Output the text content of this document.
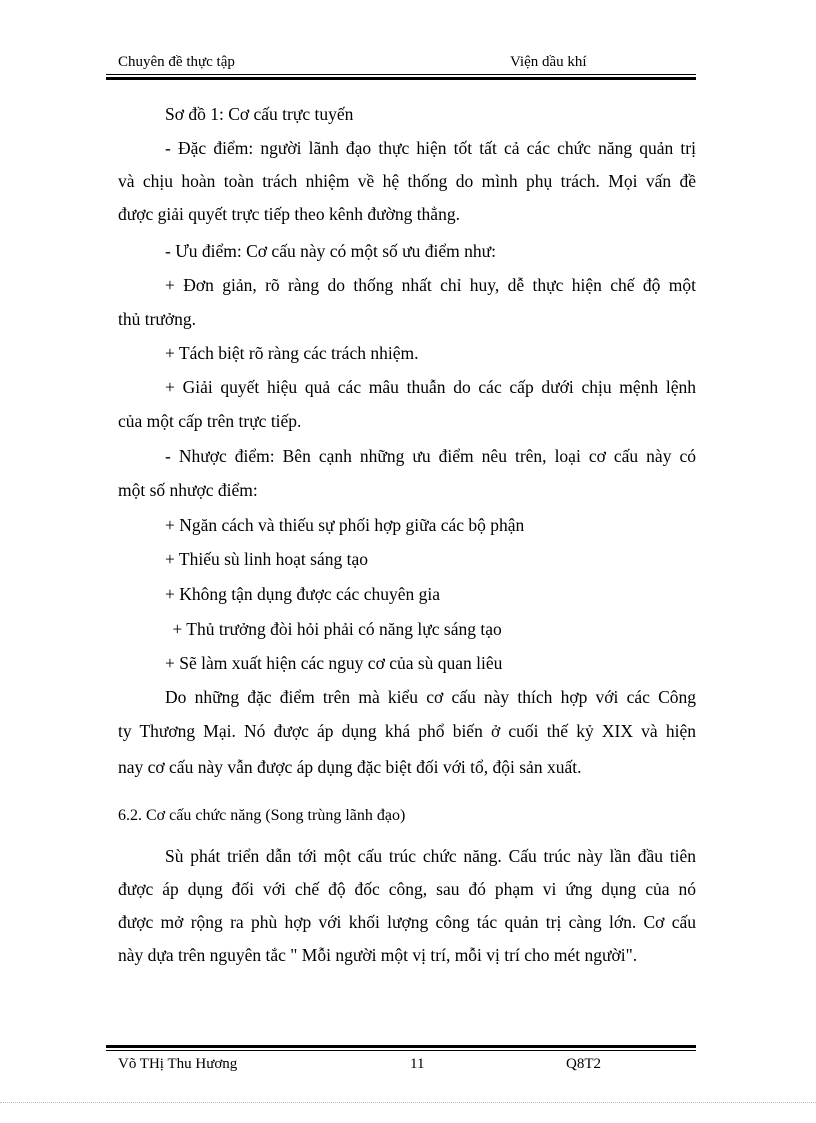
Chuyên đề thực tập	Viện dầu khí
Sơ đồ 1: Cơ cấu trực tuyến
- Đặc điểm: người lãnh đạo thực hiện tốt tất cả các chức năng quản trị
và chịu hoàn toàn trách nhiệm về hệ thống do mình phụ trách. Mọi vấn đề
được giải quyết trực tiếp theo kênh đường thẳng.
- Ưu điểm: Cơ cấu này có một số ưu điểm như:
+ Đơn giản, rõ ràng do thống nhất chỉ huy, dễ thực hiện chế độ một
thủ trưởng.
+ Tách biệt rõ ràng các trách nhiệm.
+ Giải quyết hiệu quả các mâu thuẫn do các cấp dưới chịu mệnh lệnh
của một cấp trên trực tiếp.
- Nhược điểm: Bên cạnh những ưu điểm nêu trên, loại cơ cấu này có
một số nhược điểm:
+ Ngăn cách và thiếu sự phối hợp giữa các bộ phận
+ Thiếu sù linh hoạt sáng tạo
+ Không tận dụng được các chuyên gia
+ Thủ trưởng đòi hỏi phải có năng lực sáng tạo
+ Sẽ làm xuất hiện các nguy cơ của sù quan liêu
Do những đặc điểm trên mà kiểu cơ cấu này thích hợp với các Công
ty Thương Mại. Nó được áp dụng khá phổ biến ở cuối thế kỷ XIX và hiện
nay cơ cấu này vẫn được áp dụng đặc biệt đối với tổ, đội sản xuất.
6.2. Cơ cấu chức năng (Song trùng lãnh đạo)
Sù phát triển dẫn tới một cấu trúc chức năng. Cấu trúc này lần đầu tiên
được áp dụng đối với chế độ đốc công, sau đó phạm vi ứng dụng của nó
được mở rộng ra phù hợp với khối lượng công tác quản trị càng lớn. Cơ cấu
này dựa trên nguyên tắc " Mỗi người một vị trí, mỗi vị trí cho mét người".
Võ THị Thu Hương	11	Q8T2
